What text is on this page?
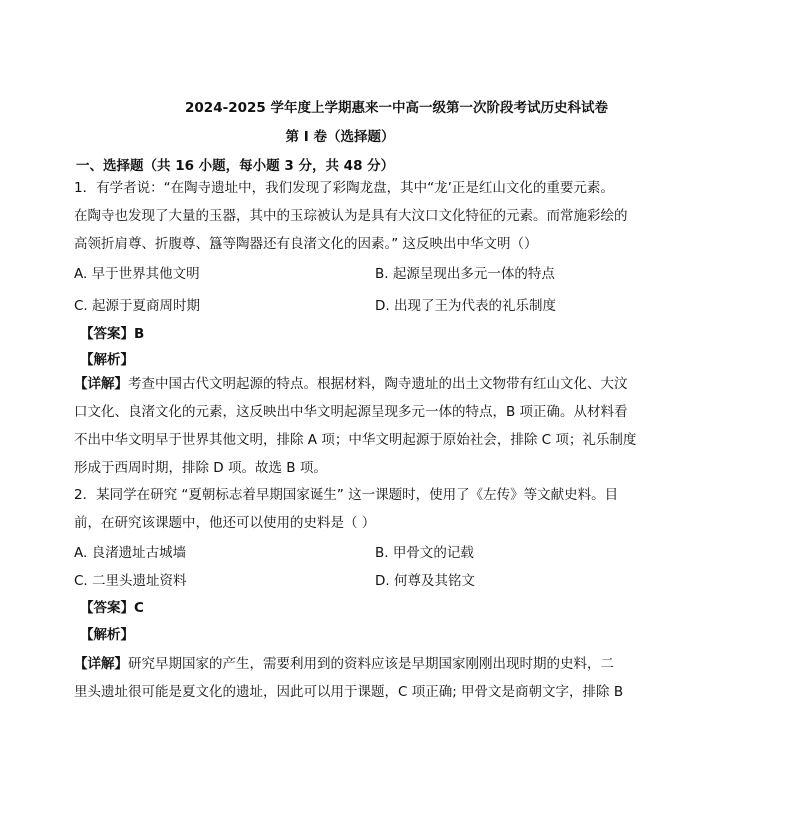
2024-2025 学年度上学期惠来一中高一级第一次阶段考试历史科试卷
第 I 卷（选择题）
一、选择题（共 16 小题，每小题 3 分，共 48 分）
1．有学者说：“在陶寺遗址中，我们发现了彩陶龙盘，其中“龙’正是红山文化的重要元素。
在陶寺也发现了大量的玉器，其中的玉琮被认为是具有大汶口文化特征的元素。而常施彩绘的
高领折肩尊、折腹尊、簋等陶器还有良渚文化的因素。” 这反映出中华文明（）
A. 早于世界其他文明	B. 起源呈现出多元一体的特点
C. 起源于夏商周时期	D. 出现了王为代表的礼乐制度
【答案】B
【解析】
【详解】考查中国古代文明起源的特点。根据材料，陶寺遗址的出土文物带有红山文化、大汶
口文化、良渚文化的元素，这反映出中华文明起源呈现多元一体的特点，B 项正确。从材料看
不出中华文明早于世界其他文明，排除 A 项；中华文明起源于原始社会，排除 C 项；礼乐制度
形成于西周时期，排除 D 项。故选 B 项。
2．某同学在研究 “夏朝标志着早期国家诞生” 这一课题时，使用了《左传》等文献史料。目
前，在研究该课题中，他还可以使用的史料是（ ）
A. 良渚遗址古城墙	B. 甲骨文的记载
C. 二里头遗址资料	D. 何尊及其铭文
【答案】C
【解析】
【详解】研究早期国家的产生，需要利用到的资料应该是早期国家刚刚出现时期的史料，二
里头遗址很可能是夏文化的遗址，因此可以用于课题，C 项正确; 甲骨文是商朝文字，排除 B
